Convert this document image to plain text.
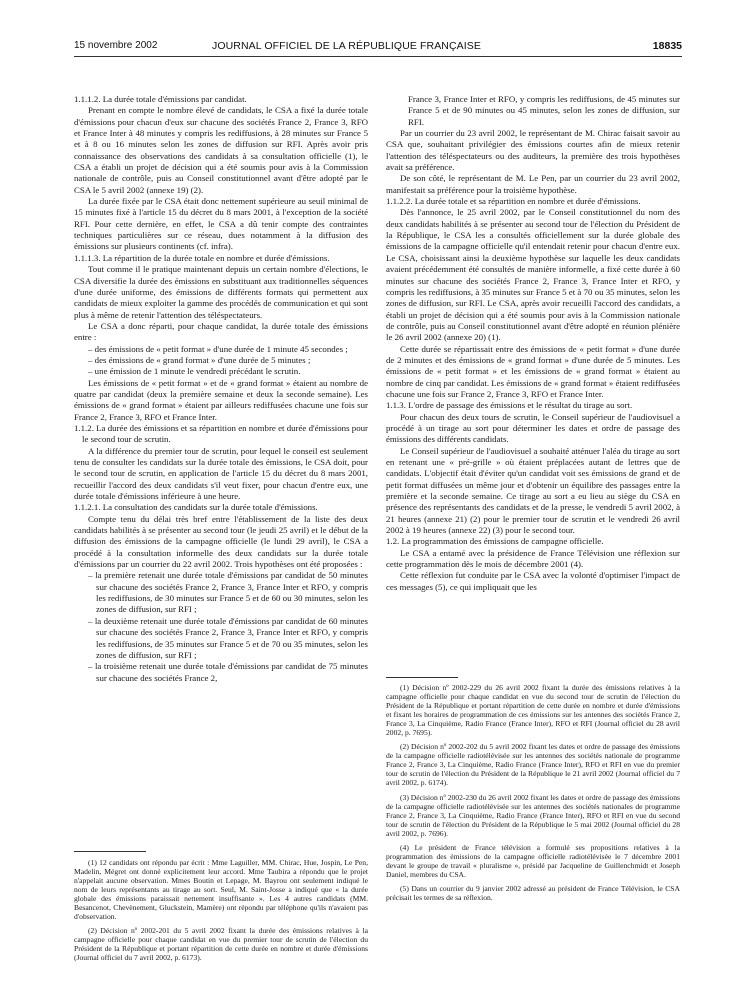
15 novembre 2002	JOURNAL OFFICIEL DE LA RÉPUBLIQUE FRANÇAISE	18835

1.1.1.2. La durée totale d'émissions par candidat.

Prenant en compte le nombre élevé de candidats, le CSA a fixé la durée totale d'émissions pour chacun d'eux sur chacune des sociétés France 2, France 3, RFO et France Inter à 48 minutes y compris les rediffusions, à 28 minutes sur France 5 et à 8 ou 16 minutes selon les zones de diffusion sur RFI. Après avoir pris connaissance des observations des candidats à sa consultation officielle (1), le CSA a établi un projet de décision qui a été soumis pour avis à la Commission nationale de contrôle, puis au Conseil constitutionnel avant d'être adopté par le CSA le 5 avril 2002 (annexe 19) (2).

La durée fixée par le CSA était donc nettement supérieure au seuil minimal de 15 minutes fixé à l'article 15 du décret du 8 mars 2001, à l'exception de la société RFI. Pour cette dernière, en effet, le CSA a dû tenir compte des contraintes techniques particulières sur ce réseau, dues notamment à la diffusion des émissions sur plusieurs continents (cf. infra).

1.1.1.3. La répartition de la durée totale en nombre et durée d'émissions.

Tout comme il le pratique maintenant depuis un certain nombre d'élections, le CSA diversifie la durée des émissions en substituant aux traditionnelles séquences d'une durée uniforme, des émissions de différents formats qui permettent aux candidats de mieux exploiter la gamme des procédés de communication et qui sont plus à même de retenir l'attention des téléspectateurs.

Le CSA a donc réparti, pour chaque candidat, la durée totale des émissions entre :

– des émissions de « petit format » d'une durée de 1 minute 45 secondes ;
– des émissions de « grand format » d'une durée de 5 minutes ;
– une émission de 1 minute le vendredi précédant le scrutin.

Les émissions de « petit format » et de « grand format » étaient au nombre de quatre par candidat (deux la première semaine et deux la seconde semaine). Les émissions de « grand format » étaient par ailleurs rediffusées chacune une fois sur France 2, France 3, RFO et France Inter.

1.1.2. La durée des émissions et sa répartition en nombre et durée d'émissions pour le second tour de scrutin.

A la différence du premier tour de scrutin, pour lequel le conseil est seulement tenu de consulter les candidats sur la durée totale des émissions, le CSA doit, pour le second tour de scrutin, en application de l'article 15 du décret du 8 mars 2001, recueillir l'accord des deux candidats s'il veut fixer, pour chacun d'entre eux, une durée totale d'émissions inférieure à une heure.

1.1.2.1. La consultation des candidats sur la durée totale d'émissions.

Compte tenu du délai très bref entre l'établissement de la liste des deux candidats habilités à se présenter au second tour (le jeudi 25 avril) et le début de la diffusion des émissions de la campagne officielle (le lundi 29 avril), le CSA a procédé à la consultation informelle des deux candidats sur la durée totale d'émissions par un courrier du 22 avril 2002. Trois hypothèses ont été proposées :

– la première retenait une durée totale d'émissions par candidat de 50 minutes sur chacune des sociétés France 2, France 3, France Inter et RFO, y compris les rediffusions, de 30 minutes sur France 5 et de 60 ou 30 minutes, selon les zones de diffusion, sur RFI ;
– la deuxième retenait une durée totale d'émissions par candidat de 60 minutes sur chacune des sociétés France 2, France 3, France Inter et RFO, y compris les rediffusions, de 35 minutes sur France 5 et de 70 ou 35 minutes, selon les zones de diffusion, sur RFI ;
– la troisième retenait une durée totale d'émissions par candidat de 75 minutes sur chacune des sociétés France 2,

(1) 12 candidats ont répondu par écrit : Mme Laguiller, MM. Chirac, Hue, Jospin, Le Pen, Madelin, Mégret ont donné explicitement leur accord. Mme Taubira a répondu que le projet n'appelait aucune observation. Mmes Boutin et Lepage, M. Bayrou ont seulement indiqué le nom de leurs représentants au tirage au sort. Seul, M. Saint-Josse a indiqué que « la durée globale des émissions paraissait nettement insuffisante ». Les 4 autres candidats (MM. Besancenot, Chevènement, Gluckstein, Mamère) ont répondu par téléphone qu'ils n'avaient pas d'observation.

(2) Décision nº 2002-201 du 5 avril 2002 fixant la durée des émissions relatives à la campagne officielle pour chaque candidat en vue du premier tour de scrutin de l'élection du Président de la République et portant répartition de cette durée en nombre et durée d'émissions (Journal officiel du 7 avril 2002, p. 6173).

France 3, France Inter et RFO, y compris les rediffusions, de 45 minutes sur France 5 et de 90 minutes ou 45 minutes, selon les zones de diffusion, sur RFI.

Par un courrier du 23 avril 2002, le représentant de M. Chirac faisait savoir au CSA que, souhaitant privilégier des émissions courtes afin de mieux retenir l'attention des téléspectateurs ou des auditeurs, la première des trois hypothèses avait sa préférence.

De son côté, le représentant de M. Le Pen, par un courrier du 23 avril 2002, manifestait sa préférence pour la troisième hypothèse.

1.1.2.2. La durée totale et sa répartition en nombre et durée d'émissions.

Dès l'annonce, le 25 avril 2002, par le Conseil constitutionnel du nom des deux candidats habilités à se présenter au second tour de l'élection du Président de la République, le CSA les a consultés officiellement sur la durée globale des émissions de la campagne officielle qu'il entendait retenir pour chacun d'entre eux. Le CSA, choisissant ainsi la deuxième hypothèse sur laquelle les deux candidats avaient précédemment été consultés de manière informelle, a fixé cette durée à 60 minutes sur chacune des sociétés France 2, France 3, France Inter et RFO, y compris les rediffusions, à 35 minutes sur France 5 et à 70 ou 35 minutes, selon les zones de diffusion, sur RFI. Le CSA, après avoir recueilli l'accord des candidats, a établi un projet de décision qui a été soumis pour avis à la Commission nationale de contrôle, puis au Conseil constitutionnel avant d'être adopté en réunion plénière le 26 avril 2002 (annexe 20) (1).

Cette durée se répartissait entre des émissions de « petit format » d'une durée de 2 minutes et des émissions de « grand format » d'une durée de 5 minutes. Les émissions de « petit format » et les émissions de « grand format » étaient au nombre de cinq par candidat. Les émissions de « grand format » étaient rediffusées chacune une fois sur France 2, France 3, RFO et France Inter.

1.1.3. L'ordre de passage des émissions et le résultat du tirage au sort.

Pour chacun des deux tours de scrutin, le Conseil supérieur de l'audiovisuel a procédé à un tirage au sort pour déterminer les dates et ordre de passage des émissions des différents candidats.

Le Conseil supérieur de l'audiovisuel a souhaité atténuer l'aléa du tirage au sort en retenant une « pré-grille » où étaient préplacées autant de lettres que de candidats. L'objectif était d'éviter qu'un candidat voit ses émissions de grand et de petit format diffusées un même jour et d'obtenir un équilibre des passages entre la première et la seconde semaine. Ce tirage au sort a eu lieu au siège du CSA en présence des représentants des candidats et de la presse, le vendredi 5 avril 2002, à 21 heures (annexe 21) (2) pour le premier tour de scrutin et le vendredi 26 avril 2002 à 19 heures (annexe 22) (3) pour le second tour.

1.2. La programmation des émissions de campagne officielle.

Le CSA a entamé avec la présidence de France Télévision une réflexion sur cette programmation dès le mois de décembre 2001 (4).

Cette réflexion fut conduite par le CSA avec la volonté d'optimiser l'impact de ces messages (5), ce qui impliquait que les

(1) Décision nº 2002-229 du 26 avril 2002 fixant la durée des émissions relatives à la campagne officielle pour chaque candidat en vue du second tour de scrutin de l'élection du Président de la République et portant répartition de cette durée en nombre et durée d'émissions et fixant les horaires de programmation de ces émissions sur les antennes des sociétés France 2, France 3, La Cinquième, Radio France (France Inter), RFO et RFI (Journal officiel du 28 avril 2002, p. 7695).

(2) Décision nº 2002-202 du 5 avril 2002 fixant les dates et ordre de passage des émissions de la campagne officielle radiotélévisée sur les antennes des sociétés nationale de programme France 2, France 3, La Cinquième, Radio France (France Inter), RFO et RFI en vue du premier tour de scrutin de l'élection du Président de la République le 21 avril 2002 (Journal officiel du 7 avril 2002, p. 6174).

(3) Décision nº 2002-230 du 26 avril 2002 fixant les dates et ordre de passage des émissions de la campagne officielle radiotélévisée sur les antennes des sociétés nationales de programme France 2, France 3, La Cinquième, Radio France (France Inter), RFO et RFI en vue du second tour de scrutin de l'élection du Président de la République le 5 mai 2002 (Journal officiel du 28 avril 2002, p. 7696).

(4) Le président de France télévision a formulé ses propositions relatives à la programmation des émissions de la campagne officielle radiotélévisée le 7 décembre 2001 devant le groupe de travail « pluralisme », présidé par Jacqueline de Guillenchmidt et Joseph Daniel, membres du CSA.

(5) Dans un courrier du 9 janvier 2002 adressé au président de France Télévision, le CSA précisait les termes de sa réflexion.
